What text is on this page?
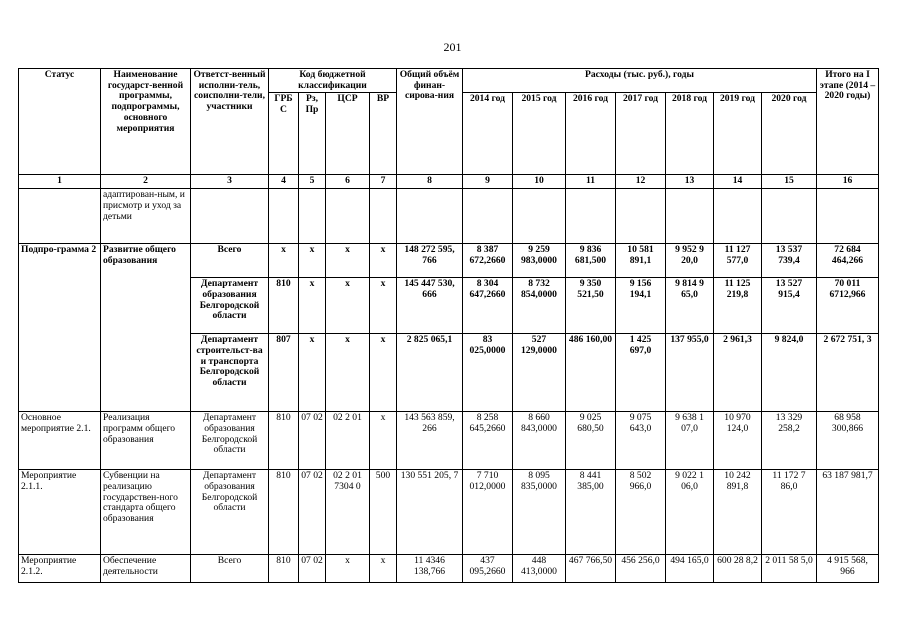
201
Статус	Наименование государст-венной программы, подпрограммы, основного мероприятия	Ответст-венный исполни-тель, соисполни-тели, участники	Код бюджетной классификации				Общий объём финан-сирова-ния	Расходы (тыс. руб.), годы							Итого на I этапе (2014 – 2020 годы)
			ГРБ С	Рз, Пр	ЦСР	ВР		2014 год	2015 год	2016 год	2017 год	2018 год	2019 год	2020 год	
1	2	3	4	5	6	7	8	9	10	11	12	13	14	15	16
	адаптирован-ным, и присмотр и уход за детьми														
Подпро-грамма 2	Развитие общего образования	Всего	х	х	х	х	148 272 595, 766	8 387 672,2660	9 259 983,0000	9 836 681,500	10 581 891,1	9 952 9 20,0	11 127 577,0	13 537 739,4	72 684 464,266
		Департамент образования Белгородской области	810	х	х	х	145 447 530, 666	8 304 647,2660	8 732 854,0000	9 350 521,50	9 156 194,1	9 814 9 65,0	11 125 219,8	13 527 915,4	70 011 6712,966
		Департамент строительст-ва и транспорта Белгородской области	807	х	х	х	2 825 065,1	83 025,0000	527 129,0000	486 160,00	1 425 697,0	137 955,0	2 961,3	9 824,0	2 672 751, 3
Основное мероприятие 2.1.	Реализация программ общего образования	Департамент образования Белгородской области	810	07 02	02 2 01	х	143 563 859, 266	8 258 645,2660	8 660 843,0000	9 025 680,50	9 075 643,0	9 638 1 07,0	10 970 124,0	13 329 258,2	68 958 300,866
Мероприятие 2.1.1.	Субвенции на реализацию государствен-ного стандарта общего образования	Департамент образования Белгородской области	810	07 02	02 2 01 7304 0	500	130 551 205, 7	7 710 012,0000	8 095 835,0000	8 441 385,00	8 502 966,0	9 022 1 06,0	10 242 891,8	11 172 7 86,0	63 187 981,7
Мероприятие 2.1.2.	Обеспечение деятельности	Всего	810	07 02	х	х	11 4346 138,766	437 095,2660	448 413,0000	467 766,50	456 256,0	494 165,0	600 28 8,2	2 011 58 5,0	4 915 568, 966
